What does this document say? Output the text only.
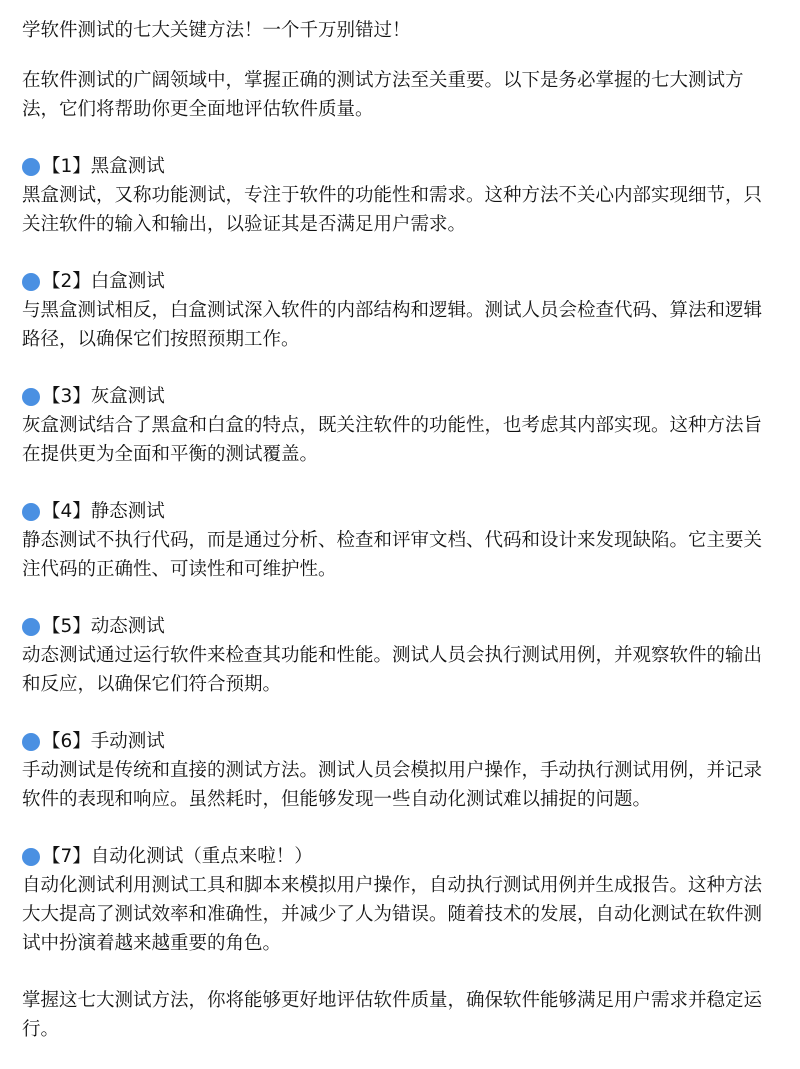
学软件测试的七大关键方法！一个千万别错过！

在软件测试的广阔领域中，掌握正确的测试方法至关重要。以下是务必掌握的七大测试方法，它们将帮助你更全面地评估软件质量。

【1】黑盒测试

黑盒测试，又称功能测试，专注于软件的功能性和需求。这种方法不关心内部实现细节，只关注软件的输入和输出，以验证其是否满足用户需求。

【2】白盒测试

与黑盒测试相反，白盒测试深入软件的内部结构和逻辑。测试人员会检查代码、算法和逻辑路径，以确保它们按照预期工作。

【3】灰盒测试

灰盒测试结合了黑盒和白盒的特点，既关注软件的功能性，也考虑其内部实现。这种方法旨在提供更为全面和平衡的测试覆盖。

【4】静态测试

静态测试不执行代码，而是通过分析、检查和评审文档、代码和设计来发现缺陷。它主要关注代码的正确性、可读性和可维护性。

【5】动态测试

动态测试通过运行软件来检查其功能和性能。测试人员会执行测试用例，并观察软件的输出和反应，以确保它们符合预期。

【6】手动测试

手动测试是传统和直接的测试方法。测试人员会模拟用户操作，手动执行测试用例，并记录软件的表现和响应。虽然耗时，但能够发现一些自动化测试难以捕捉的问题。

【7】自动化测试（重点来啦！）

自动化测试利用测试工具和脚本来模拟用户操作，自动执行测试用例并生成报告。这种方法大大提高了测试效率和准确性，并减少了人为错误。随着技术的发展，自动化测试在软件测试中扮演着越来越重要的角色。

掌握这七大测试方法，你将能够更好地评估软件质量，确保软件能够满足用户需求并稳定运行。
